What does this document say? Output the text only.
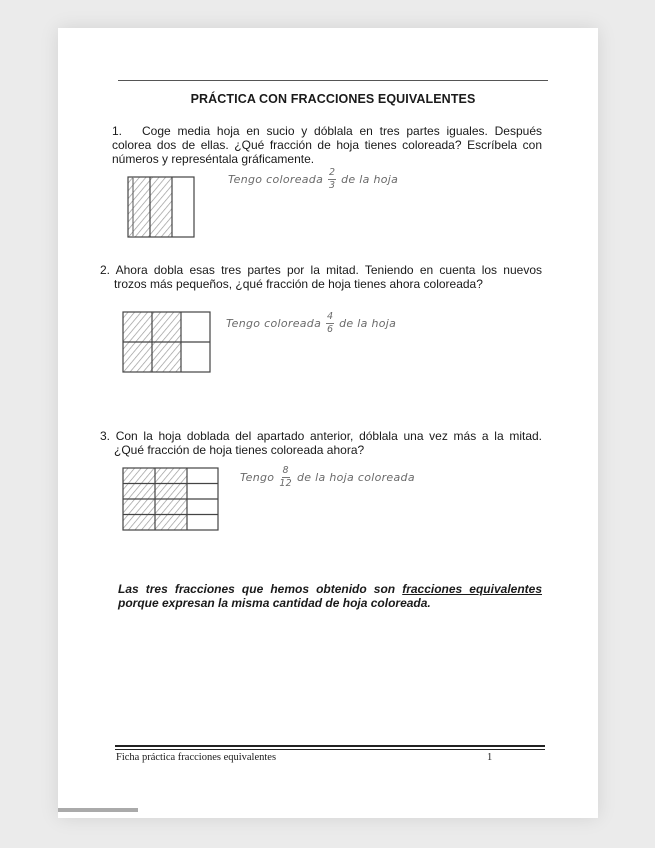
PRÁCTICA CON FRACCIONES EQUIVALENTES
1. Coge media hoja en sucio y dóblala en tres partes iguales. Después
colorea dos de ellas. ¿Qué fracción de hoja tienes coloreada? Escríbela con
números y represéntala gráficamente.
Tengo coloreada $\frac{2}{3}$ de la hoja
2. Ahora dobla esas tres partes por la mitad. Teniendo en cuenta los nuevos
trozos más pequeños, ¿qué fracción de hoja tienes ahora coloreada?
Tengo coloreada $\frac{4}{6}$ de la hoja
3. Con la hoja doblada del apartado anterior, dóblala una vez más a la mitad.
¿Qué fracción de hoja tienes coloreada ahora?
Tengo $\frac{8}{12}$ de la hoja coloreada
Las tres fracciones que hemos obtenido son fracciones equivalentes
porque expresan la misma cantidad de hoja coloreada.
Ficha práctica fracciones equivalentes	1
